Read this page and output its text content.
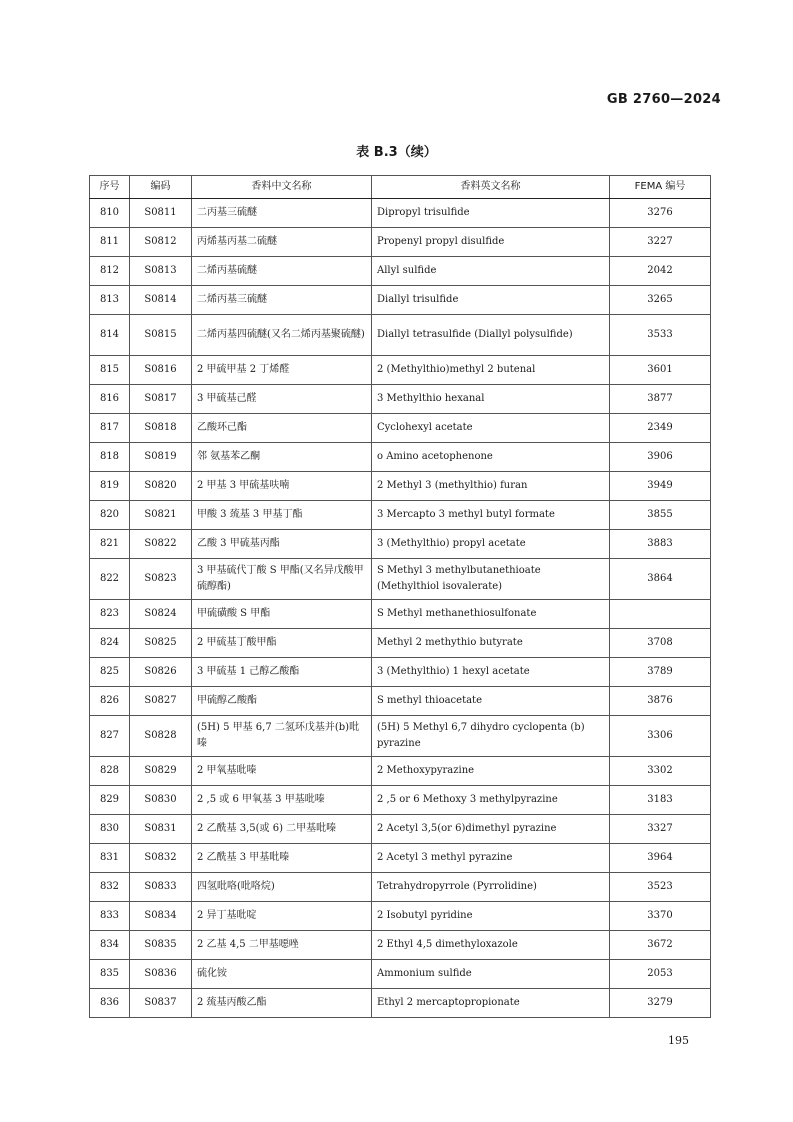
GB 2760—2024
表 B.3（续）
序号	编码	香料中文名称	香料英文名称	FEMA 编号
810	S0811	二丙基三硫醚	Dipropyl trisulfide	3276
811	S0812	丙烯基丙基二硫醚	Propenyl propyl disulfide	3227
812	S0813	二烯丙基硫醚	Allyl sulfide	2042
813	S0814	二烯丙基三硫醚	Diallyl trisulfide	3265
814	S0815	二烯丙基四硫醚(又名二烯丙基聚硫醚)	Diallyl tetrasulfide (Diallyl polysulfide)	3533
815	S0816	2 甲硫甲基 2 丁烯醛	2 (Methylthio)methyl 2 butenal	3601
816	S0817	3 甲硫基己醛	3 Methylthio hexanal	3877
817	S0818	乙酸环己酯	Cyclohexyl acetate	2349
818	S0819	邻 氨基苯乙酮	o Amino acetophenone	3906
819	S0820	2 甲基 3 甲硫基呋喃	2 Methyl 3 (methylthio) furan	3949
820	S0821	甲酸 3 巯基 3 甲基丁酯	3 Mercapto 3 methyl butyl formate	3855
821	S0822	乙酸 3 甲硫基丙酯	3 (Methylthio) propyl acetate	3883
822	S0823	3 甲基硫代丁酸 S 甲酯(又名异戊酸甲硫醇酯)	S Methyl 3 methylbutanethioate (Methylthiol isovalerate)	3864
823	S0824	甲硫磺酸 S 甲酯	S Methyl methanethiosulfonate	
824	S0825	2 甲硫基丁酸甲酯	Methyl 2 methythio butyrate	3708
825	S0826	3 甲硫基 1 己醇乙酸酯	3 (Methylthio) 1 hexyl acetate	3789
826	S0827	甲硫醇乙酸酯	S methyl thioacetate	3876
827	S0828	(5H) 5 甲基 6,7 二氢环戊基并(b)吡嗪	(5H) 5 Methyl 6,7 dihydro cyclopenta (b) pyrazine	3306
828	S0829	2 甲氧基吡嗪	2 Methoxypyrazine	3302
829	S0830	2 ,5 或 6 甲氧基 3 甲基吡嗪	2 ,5 or 6 Methoxy 3 methylpyrazine	3183
830	S0831	2 乙酰基 3,5(或 6) 二甲基吡嗪	2 Acetyl 3,5(or 6)dimethyl pyrazine	3327
831	S0832	2 乙酰基 3 甲基吡嗪	2 Acetyl 3 methyl pyrazine	3964
832	S0833	四氢吡咯(吡咯烷)	Tetrahydropyrrole (Pyrrolidine)	3523
833	S0834	2 异丁基吡啶	2 Isobutyl pyridine	3370
834	S0835	2 乙基 4,5 二甲基噁唑	2 Ethyl 4,5 dimethyloxazole	3672
835	S0836	硫化铵	Ammonium sulfide	2053
836	S0837	2 巯基丙酸乙酯	Ethyl 2 mercaptopropionate	3279
195
